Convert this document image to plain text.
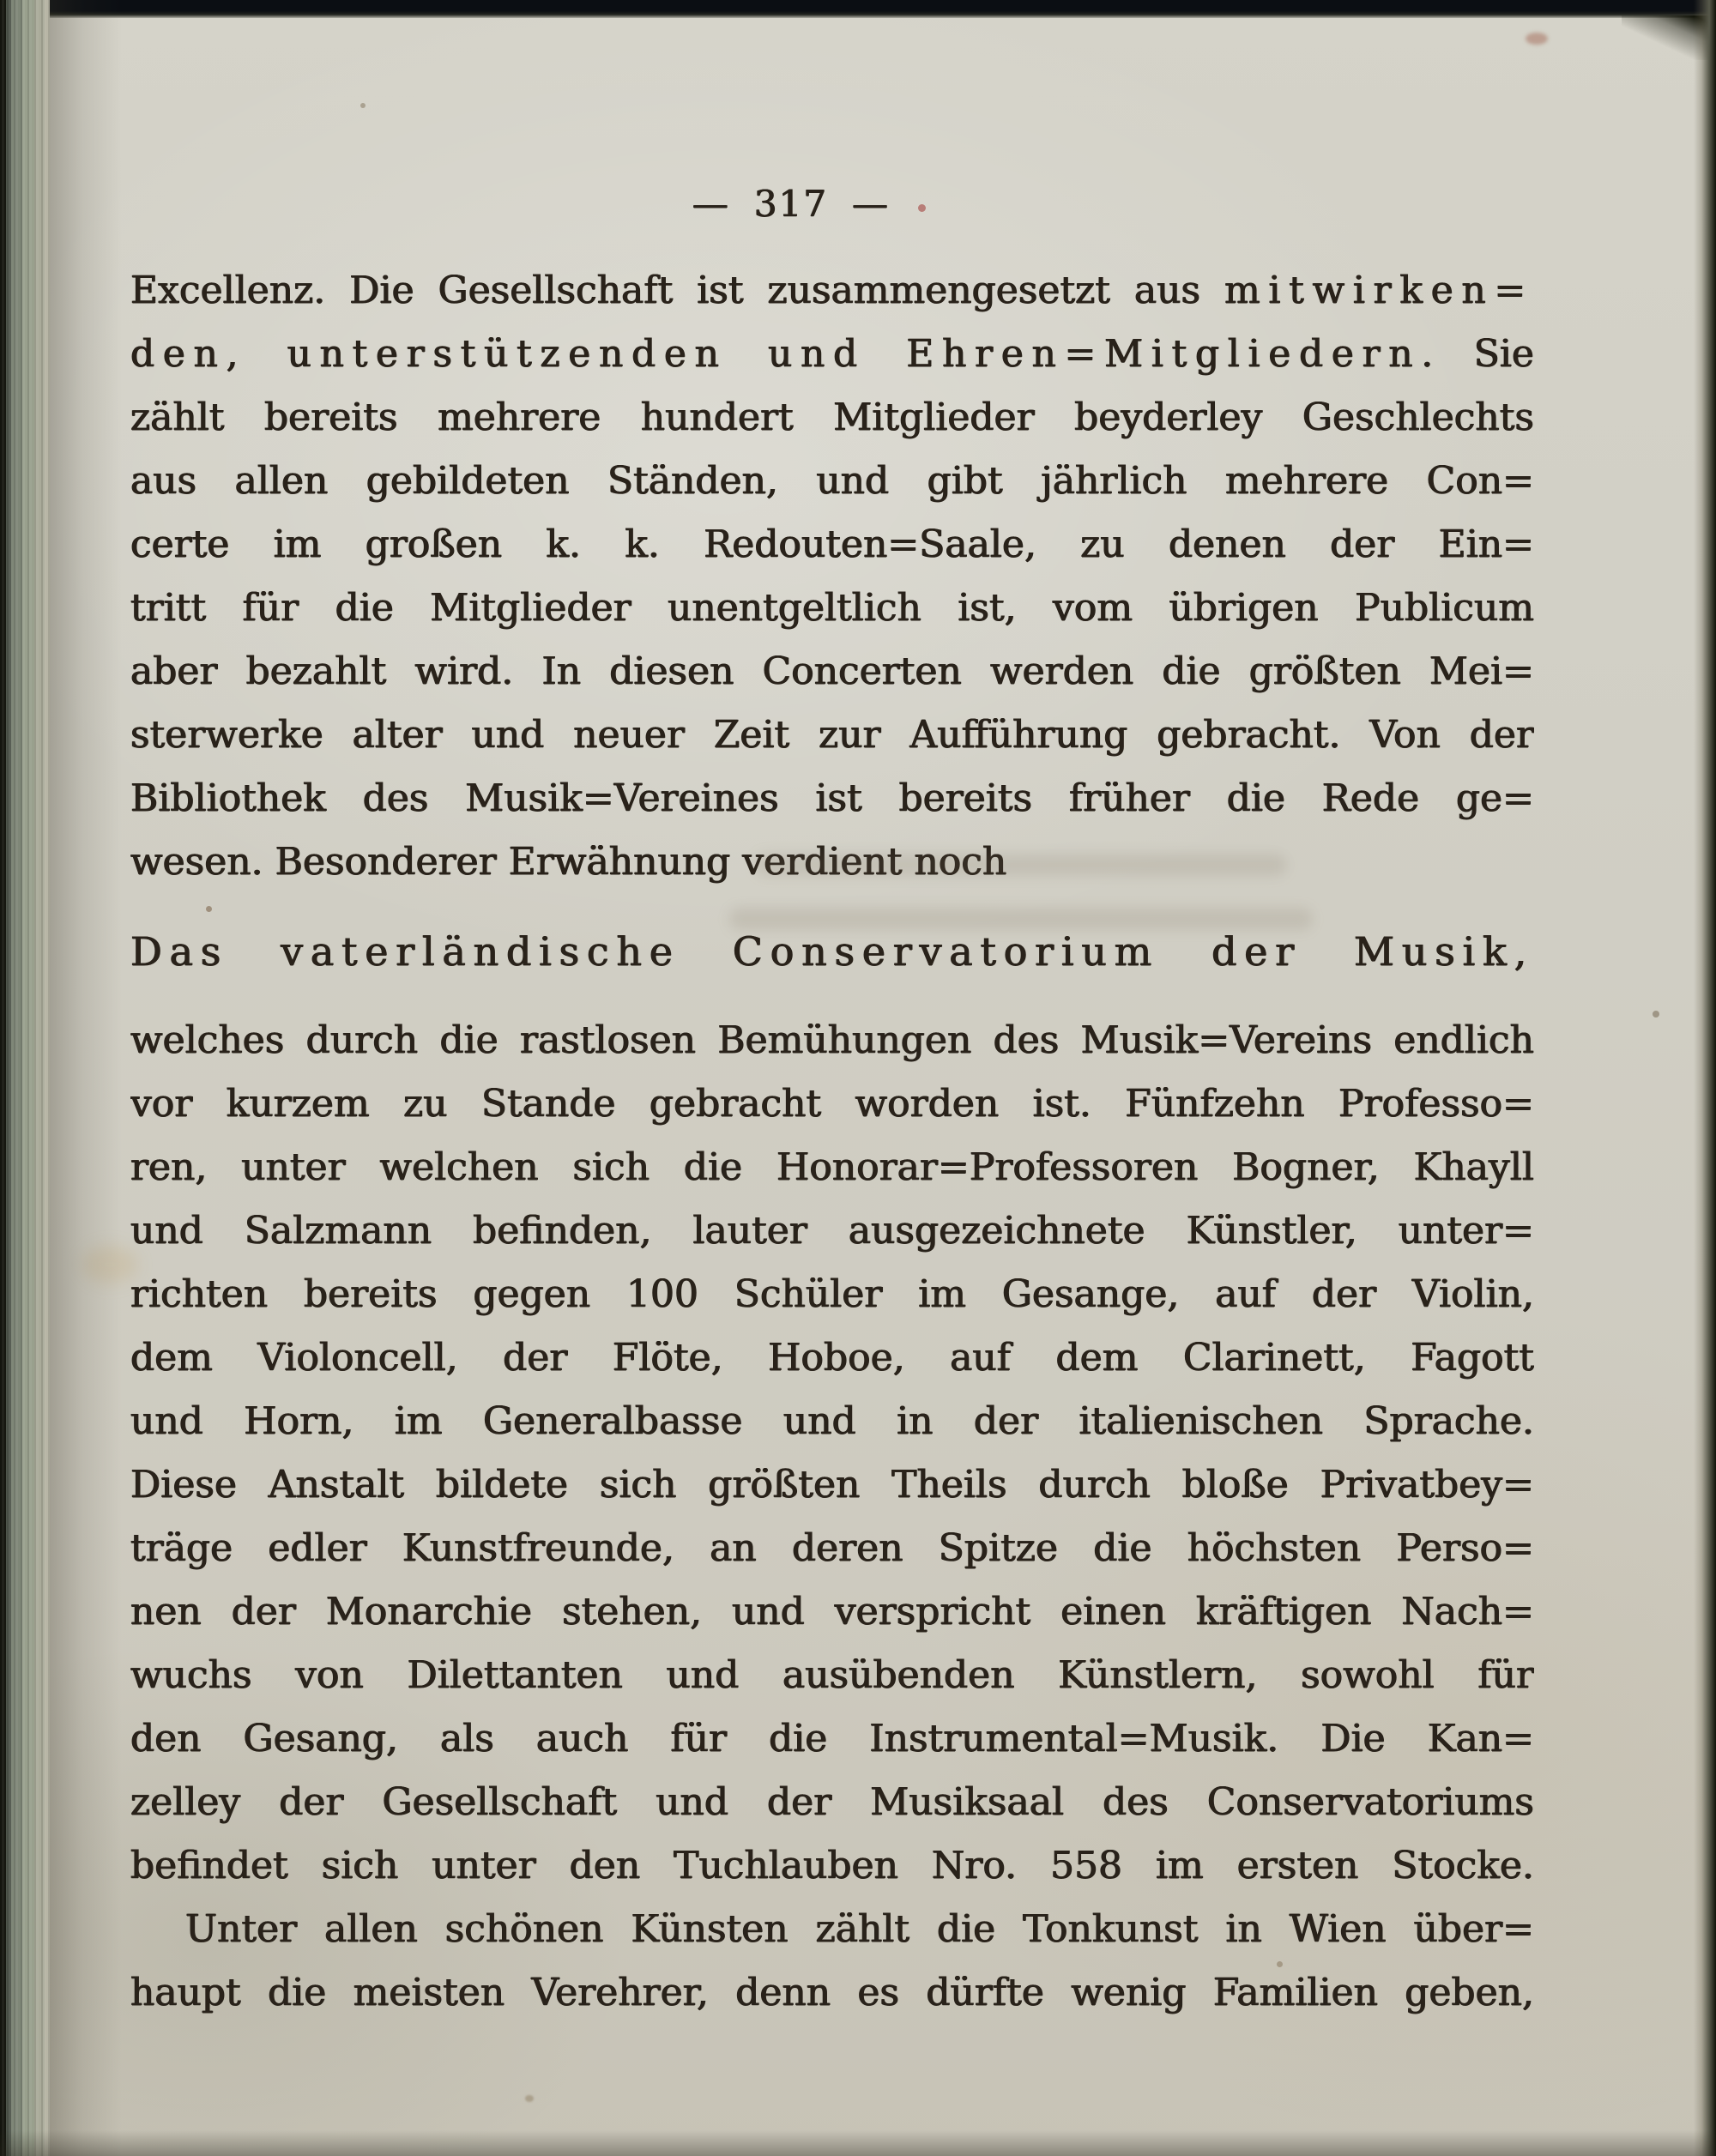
— 317 —
Excellenz. Die Gesellschaft ist zusammengesetzt aus mitwirken=
den, unterstützenden und Ehren=Mitgliedern. Sie
zählt bereits mehrere hundert Mitglieder beyderley Geschlechts
aus allen gebildeten Ständen, und gibt jährlich mehrere Con=
certe im großen k. k. Redouten=Saale, zu denen der Ein=
tritt für die Mitglieder unentgeltlich ist, vom übrigen Publicum
aber bezahlt wird. In diesen Concerten werden die größten Mei=
sterwerke alter und neuer Zeit zur Aufführung gebracht. Von der
Bibliothek des Musik=Vereines ist bereits früher die Rede ge=
wesen. Besonderer Erwähnung verdient noch
Das vaterländische Conservatorium der Musik,
welches durch die rastlosen Bemühungen des Musik=Vereins endlich
vor kurzem zu Stande gebracht worden ist. Fünfzehn Professo=
ren, unter welchen sich die Honorar=Professoren Bogner, Khayll
und Salzmann befinden, lauter ausgezeichnete Künstler, unter=
richten bereits gegen 100 Schüler im Gesange, auf der Violin,
dem Violoncell, der Flöte, Hoboe, auf dem Clarinett, Fagott
und Horn, im Generalbasse und in der italienischen Sprache.
Diese Anstalt bildete sich größten Theils durch bloße Privatbey=
träge edler Kunstfreunde, an deren Spitze die höchsten Perso=
nen der Monarchie stehen, und verspricht einen kräftigen Nach=
wuchs von Dilettanten und ausübenden Künstlern, sowohl für
den Gesang, als auch für die Instrumental=Musik. Die Kan=
zelley der Gesellschaft und der Musiksaal des Conservatoriums
befindet sich unter den Tuchlauben Nro. 558 im ersten Stocke.
Unter allen schönen Künsten zählt die Tonkunst in Wien über=
haupt die meisten Verehrer, denn es dürfte wenig Familien geben,
